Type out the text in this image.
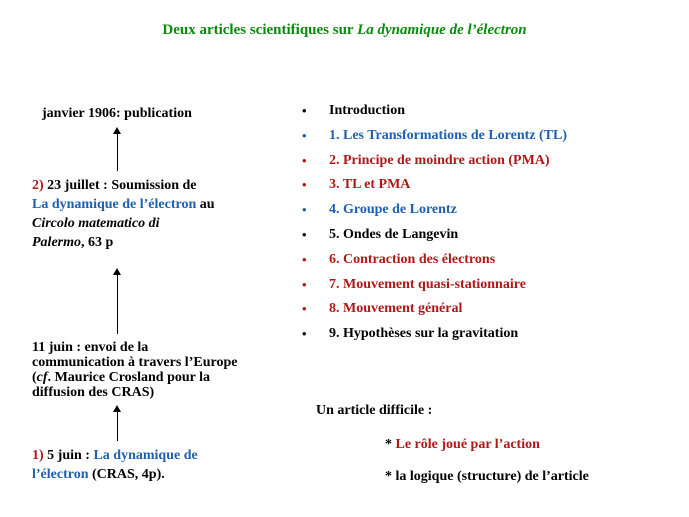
Deux articles scientifiques sur La dynamique de l’électron
janvier 1906: publication
2) 23 juillet : Soumission de
La dynamique de l’électron au
Circolo matematico di
Palermo, 63 p
11 juin : envoi de la
communication à travers l’Europe
(cf. Maurice Crosland pour la
diffusion des CRAS)
1) 5 juin : La dynamique de
l’électron (CRAS, 4p).
• Introduction
• 1. Les Transformations de Lorentz (TL)
• 2. Principe de moindre action (PMA)
• 3. TL et PMA
• 4. Groupe de Lorentz
• 5. Ondes de Langevin
• 6. Contraction des électrons
• 7. Mouvement quasi-stationnaire
• 8. Mouvement général
• 9. Hypothèses sur la gravitation
Un article difficile :
* Le rôle joué par l’action
* la logique (structure) de l’article
